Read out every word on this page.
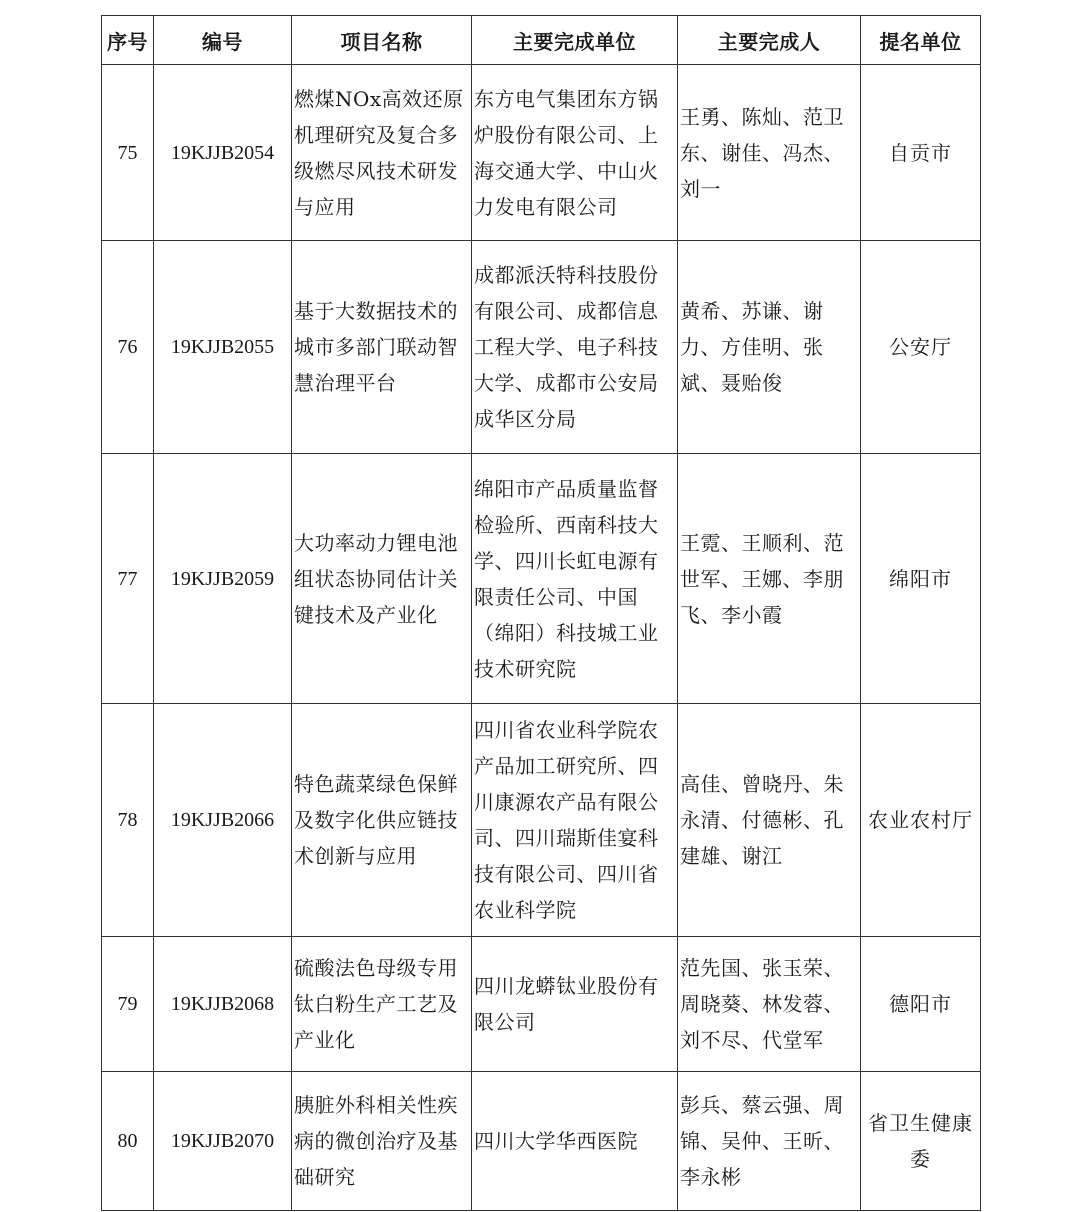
序号	编号	项目名称	主要完成单位	主要完成人	提名单位
75	19KJJB2054	燃煤NOx高效还原机理研究及复合多级燃尽风技术研发与应用	东方电气集团东方锅炉股份有限公司、上海交通大学、中山火力发电有限公司	王勇、陈灿、范卫东、谢佳、冯杰、刘一	自贡市
76	19KJJB2055	基于大数据技术的城市多部门联动智慧治理平台	成都派沃特科技股份有限公司、成都信息工程大学、电子科技大学、成都市公安局成华区分局	黄希、苏谦、谢力、方佳明、张斌、聂贻俊	公安厅
77	19KJJB2059	大功率动力锂电池组状态协同估计关键技术及产业化	绵阳市产品质量监督检验所、西南科技大学、四川长虹电源有限责任公司、中国（绵阳）科技城工业技术研究院	王霓、王顺利、范世军、王娜、李朋飞、李小霞	绵阳市
78	19KJJB2066	特色蔬菜绿色保鲜及数字化供应链技术创新与应用	四川省农业科学院农产品加工研究所、四川康源农产品有限公司、四川瑞斯佳宴科技有限公司、四川省农业科学院	高佳、曾晓丹、朱永清、付德彬、孔建雄、谢江	农业农村厅
79	19KJJB2068	硫酸法色母级专用钛白粉生产工艺及产业化	四川龙蟒钛业股份有限公司	范先国、张玉荣、周晓葵、林发蓉、刘不尽、代堂军	德阳市
80	19KJJB2070	胰脏外科相关性疾病的微创治疗及基础研究	四川大学华西医院	彭兵、蔡云强、周锦、吴仲、王昕、李永彬	省卫生健康委
